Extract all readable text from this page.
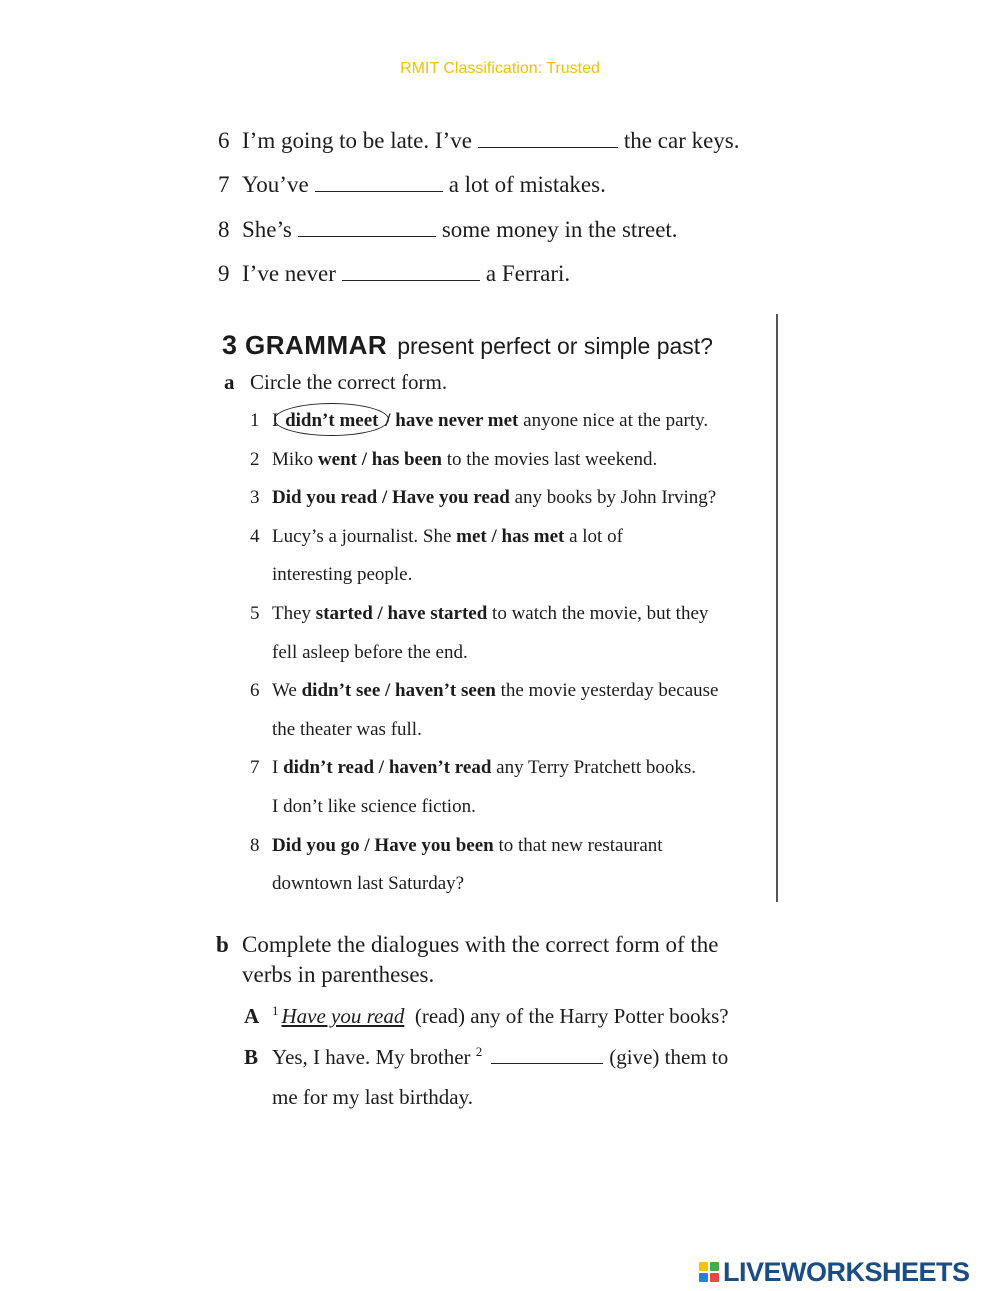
RMIT Classification: Trusted
6 I’m going to be late. I’ve	the car keys.
7 You’ve	a lot of mistakes.
8 She’s	some money in the street.
9 I’ve never	a Ferrari.
3 GRAMMAR present perfect or simple past?
a Circle the correct form.
1 I didn’t meet / have never met anyone nice at the party.
2 Miko went / has been to the movies last weekend.
3 Did you read / Have you read any books by John Irving?
4 Lucy’s a journalist. She met / has met a lot of
interesting people.
5 They started / have started to watch the movie, but they
fell asleep before the end.
6 We didn’t see / haven’t seen the movie yesterday because
the theater was full.
7 I didn’t read / haven’t read any Terry Pratchett books.
I don’t like science fiction.
8 Did you go / Have you been to that new restaurant
downtown last Saturday?
b Complete the dialogues with the correct form of the
verbs in parentheses.
A $^1$ Have you read (read) any of the Harry Potter books?
B Yes, I have. My brother $^2$	(give) them to
me for my last birthday.
LIVEWORKSHEETS
